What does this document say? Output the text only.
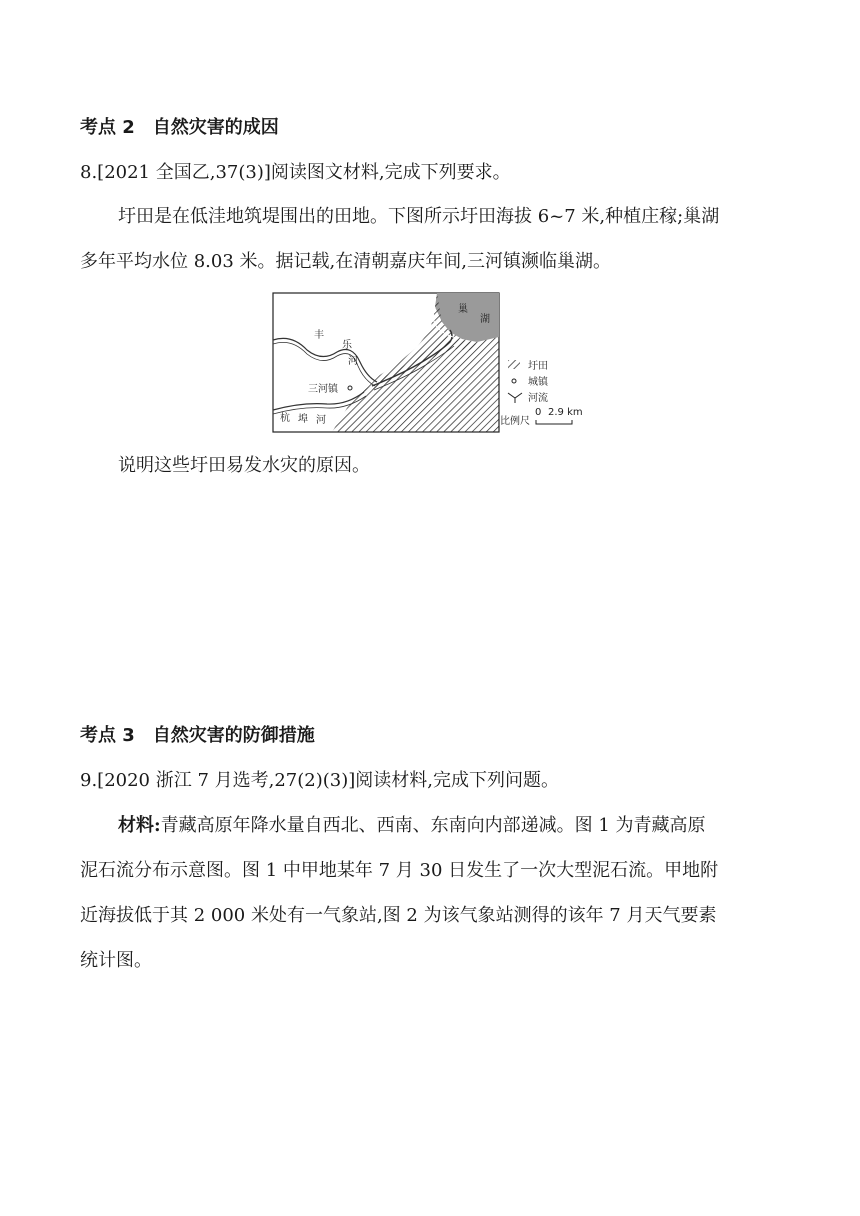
考点 2　自然灾害的成因
8.[2021 全国乙,37(3)]阅读图文材料,完成下列要求。
圩田是在低洼地筑堤围出的田地。下图所示圩田海拔 6~7 米,种植庄稼;巢湖
多年平均水位 8.03 米。据记载,在清朝嘉庆年间,三河镇濒临巢湖。
巢
湖
丰
乐
河
三河镇
杭 埠 河
圩田
城镇
河流
比例尺
0 2.9 km
说明这些圩田易发水灾的原因。
考点 3　自然灾害的防御措施
9.[2020 浙江 7 月选考,27(2)(3)]阅读材料,完成下列问题。
材料:青藏高原年降水量自西北、西南、东南向内部递减。图 1 为青藏高原
泥石流分布示意图。图 1 中甲地某年 7 月 30 日发生了一次大型泥石流。甲地附
近海拔低于其 2 000 米处有一气象站,图 2 为该气象站测得的该年 7 月天气要素
统计图。
